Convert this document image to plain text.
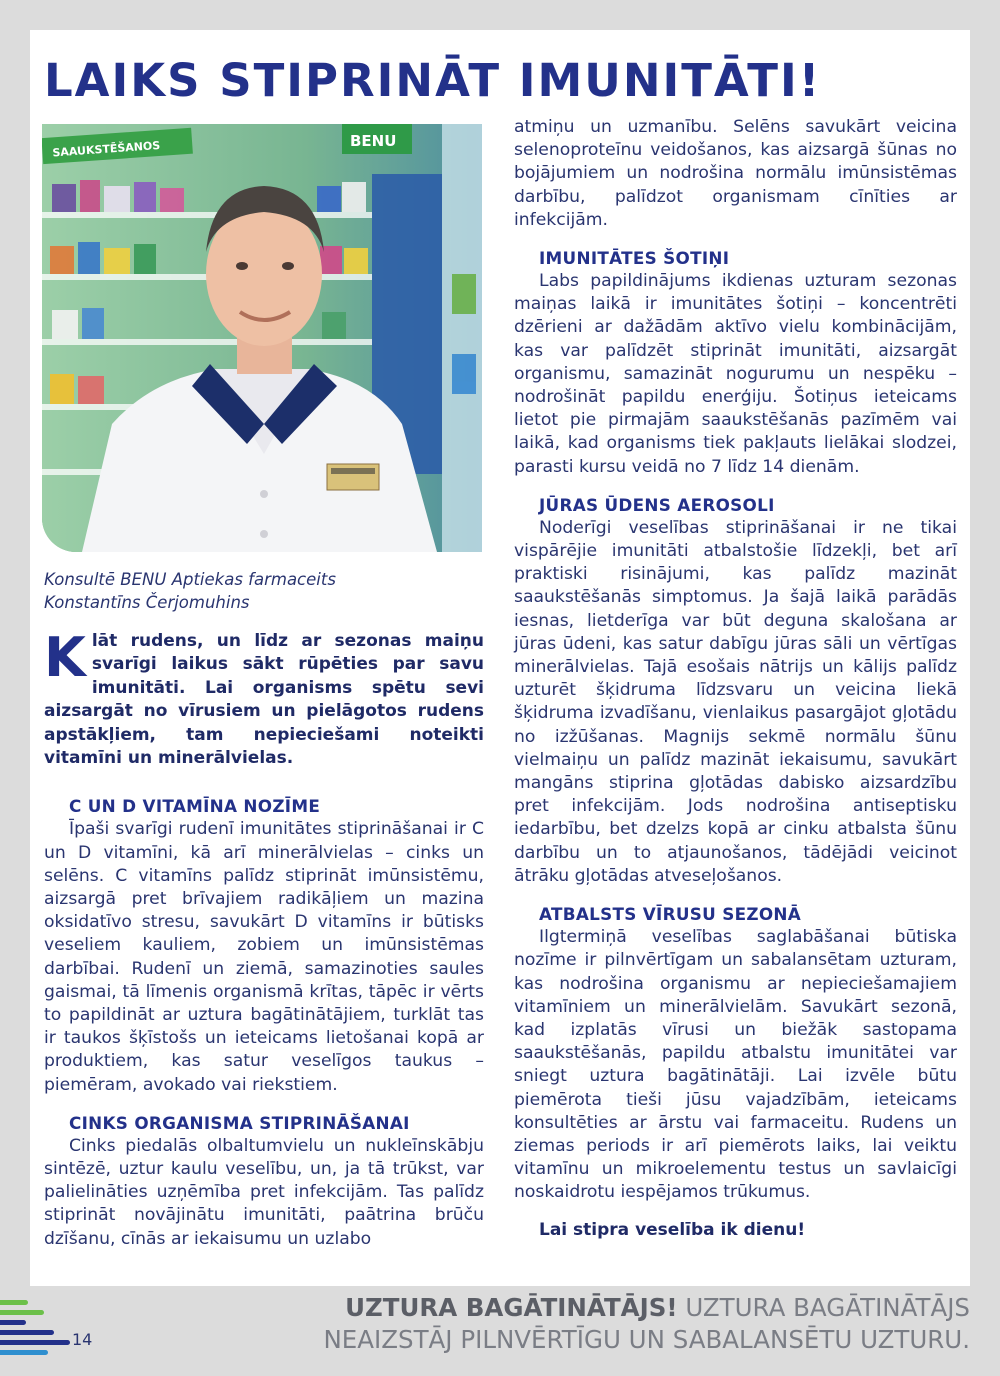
LAIKS STIPRINĀT IMUNITĀTI!
SAAUKSTĒŠANOS	BENU

Konsultē BENU Aptiekas farmaceits
Konstantīns Čerjomuhins

Klāt rudens, un līdz ar sezonas maiņu svarīgi laikus sākt rūpēties par savu imunitāti. Lai organisms spētu sevi aizsargāt no vīrusiem un pielāgotos rudens apstākļiem, tam nepieciešami noteikti vitamīni un minerālvielas.

C UN D VITAMĪNA NOZĪME

Īpaši svarīgi rudenī imunitātes stiprināšanai ir C un D vitamīni, kā arī minerālvielas – cinks un selēns. C vitamīns palīdz stiprināt imūnsistēmu, aizsargā pret brīvajiem radikāļiem un mazina oksidatīvo stresu, savukārt D vitamīns ir būtisks veseliem kauliem, zobiem un imūnsistēmas darbībai. Rudenī un ziemā, samazinoties saules gaismai, tā līmenis organismā krītas, tāpēc ir vērts to papildināt ar uztura bagātinātājiem, turklāt tas ir taukos šķīstošs un ieteicams lietošanai kopā ar produktiem, kas satur veselīgos taukus – piemēram, avokado vai riekstiem.

CINKS ORGANISMA STIPRINĀŠANAI

Cinks piedalās olbaltumvielu un nukleīnskābju sintēzē, uztur kaulu veselību, un, ja tā trūkst, var palielināties uzņēmība pret infekcijām. Tas palīdz stiprināt novājinātu imunitāti, paātrina brūču dzīšanu, cīnās ar iekaisumu un uzlabo

atmiņu un uzmanību. Selēns savukārt veicina selenoproteīnu veidošanos, kas aizsargā šūnas no bojājumiem un nodrošina normālu imūnsistēmas darbību, palīdzot organismam cīnīties ar infekcijām.

IMUNITĀTES ŠOTIŅI

Labs papildinājums ikdienas uzturam sezonas maiņas laikā ir imunitātes šotiņi – koncentrēti dzērieni ar dažādām aktīvo vielu kombinācijām, kas var palīdzēt stiprināt imunitāti, aizsargāt organismu, samazināt nogurumu un nespēku – nodrošināt papildu enerģiju. Šotiņus ieteicams lietot pie pirmajām saaukstēšanās pazīmēm vai laikā, kad organisms tiek pakļauts lielākai slodzei, parasti kursu veidā no 7 līdz 14 dienām.

JŪRAS ŪDENS AEROSOLI

Noderīgi veselības stiprināšanai ir ne tikai vispārējie imunitāti atbalstošie līdzekļi, bet arī praktiski risinājumi, kas palīdz mazināt saaukstēšanās simptomus. Ja šajā laikā parādās iesnas, lietderīga var būt deguna skalošana ar jūras ūdeni, kas satur dabīgu jūras sāli un vērtīgas minerālvielas. Tajā esošais nātrijs un kālijs palīdz uzturēt šķidruma līdzsvaru un veicina liekā šķidruma izvadīšanu, vienlaikus pasargājot gļotādu no izžūšanas. Magnijs sekmē normālu šūnu vielmaiņu un palīdz mazināt iekaisumu, savukārt mangāns stiprina gļotādas dabisko aizsardzību pret infekcijām. Jods nodrošina antiseptisku iedarbību, bet dzelzs kopā ar cinku atbalsta šūnu darbību un to atjaunošanos, tādējādi veicinot ātrāku gļotādas atveseļošanos.

ATBALSTS VĪRUSU SEZONĀ

Ilgtermiņā veselības saglabāšanai būtiska nozīme ir pilnvērtīgam un sabalansētam uzturam, kas nodrošina organismu ar nepieciešamajiem vitamīniem un minerālvielām. Savukārt sezonā, kad izplatās vīrusi un biežāk sastopama saaukstēšanās, papildu atbalstu imunitātei var sniegt uztura bagātinātāji. Lai izvēle būtu piemērota tieši jūsu vajadzībām, ieteicams konsultēties ar ārstu vai farmaceitu. Rudens un ziemas periods ir arī piemērots laiks, lai veiktu vitamīnu un mikroelementu testus un savlaicīgi noskaidrotu iespējamos trūkumus.

Lai stipra veselība ik dienu!

14
UZTURA BAGĀTINĀTĀJS! UZTURA BAGĀTINĀTĀJS
NEAIZSTĀJ PILNVĒRTĪGU UN SABALANSĒTU UZTURU.
